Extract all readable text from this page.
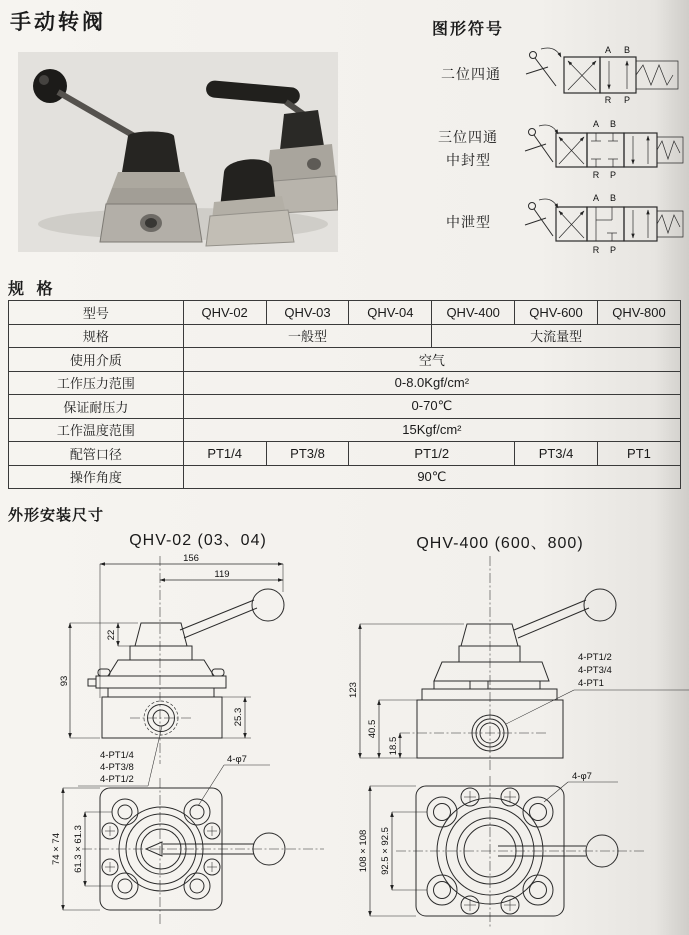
手动转阀	图形符号
二位四通
三位四通
中封型
中泄型
A B
R P
A B
R P
A B
R P
规 格
型号	QHV-02	QHV-03	QHV-04	QHV-400	QHV-600	QHV-800
规格	一般型			大流量型		
使用介质	空气					
工作压力范围	0-8.0Kgf/cm²					
保证耐压力	0-70℃					
工作温度范围	15Kgf/cm²					
配管口径	PT1/4	PT3/8	PT1/2		PT3/4	PT1
操作角度	90℃					
外形安装尺寸
QHV-02 (03、04)	QHV-400 (600、800)
156
119
93
22
25.3
4-PT1/4
4-PT3/8
4-PT1/2
4-φ7
74 × 74 61.3 × 61.3
123
40.5
18.5
4-PT1/2
4-PT3/4
4-PT1
4-φ7
108 × 108 92.5 × 92.5
